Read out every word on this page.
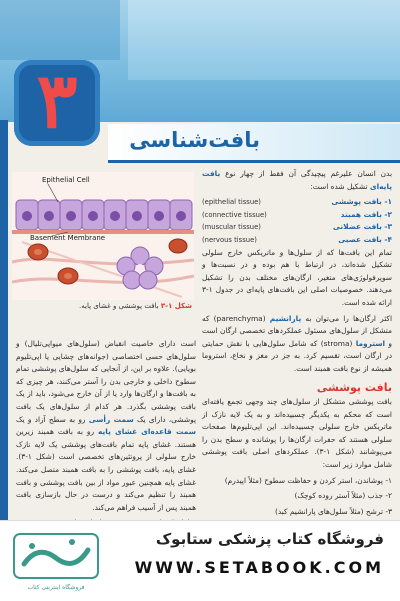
۳	بافت‌شناسی
Epithelial Cell
Basement Membrane
شکل ۱-۳ بافت پوششی و غشای پایه.

بدن انسان علیرغم پیچیدگی آن فقط از چهار نوع بافت پایه‌ای تشکیل شده است:

۱- بافت پوششی
(epithelial tissue)
۲- بافت همبند
(connective tissue)
۳- بافت عضلانی
(muscular tissue)
۴- بافت عصبی
(nervous tissue)

تمام این بافت‌ها که از سلول‌ها و ماتریکس خارج سلولی تشکیل شده‌اند، در ارتباط با هم بوده و در نسبت‌ها و سوپرفولوژی‌های متغیر، ارگان‌های مختلف بدن را تشکیل می‌دهند. خصوصیات اصلی این بافت‌های پایه‌ای در جدول ۱-۳ ارائه شده است.

اکثر ارگان‌ها را می‌توان به پارانشیم (parenchyma) که متشکل از سلول‌های مسئول عملکردهای تخصصی ارگان است و استروما (stroma) که شامل سلول‌هایی با نقش حمایتی در ارگان است، تقسیم کرد. به جز در مغز و نخاع، استروما همیشه از نوع بافت همبند است.

بافت پوششی

بافت پوششی متشکل از سلول‌های چند وجهی تجمع یافته‌ای است که محکم به یکدیگر چسبیده‌اند و به یک لایه نازک از ماتریکس خارج سلولی چسبیده‌اند. این اپی‌تلیوم‌ها صفحات سلولی هستند که حفرات ارگان‌ها را پوشانده و سطح بدن را می‌پوشانند (شکل ۱-۳). عملکردهای اصلی بافت پوششی شامل موارد زیر است:

۱- پوشاندن، استر کردن و حفاظت سطوح (مثلاً اپیدرم)

۲- جذب (مثلاً آستر روده کوچک)

۳- ترشح (مثلاً سلول‌های پارانشیم کبد)

است دارای خاصیت انقباض (سلول‌های میواپی‌تلیال) و سلول‌های حسی اختصاصی (جوانه‌های چشایی یا اپی‌تلیوم بویایی). علاوه بر این، از آنجایی که سلول‌های پوششی تمام سطوح داخلی و خارجی بدن را آستر می‌کنند، هر چیزی که به بافت‌ها و ارگان‌ها وارد یا از آن خارج می‌شود، باید از یک بافت پوششی بگذرد. هر کدام از سلول‌های یک بافت پوششی، دارای یک سمت رأسی رو به سطح آزاد و یک سمت قاعده‌ای غشای پایه رو به بافت همبند زیرین هستند. غشای پایه تمام بافت‌های پوششی یک لایه نازک خارج سلولی از پروتئین‌های تخصصی است (شکل ۱-۳). غشای پایه، بافت پوششی را به بافت همبند متصل می‌کند. غشای پایه همچنین عبور مواد از بین بافت پوششی و بافت همبند را تنظیم می‌کند و درست در حال بازسازی بافت همبند پس از آسیب فراهم می‌کند.

فروشگاه اینترنتی کتاب
فروشگاه کتاب پزشکی ستابوک
WWW.SETABOOK.COM
